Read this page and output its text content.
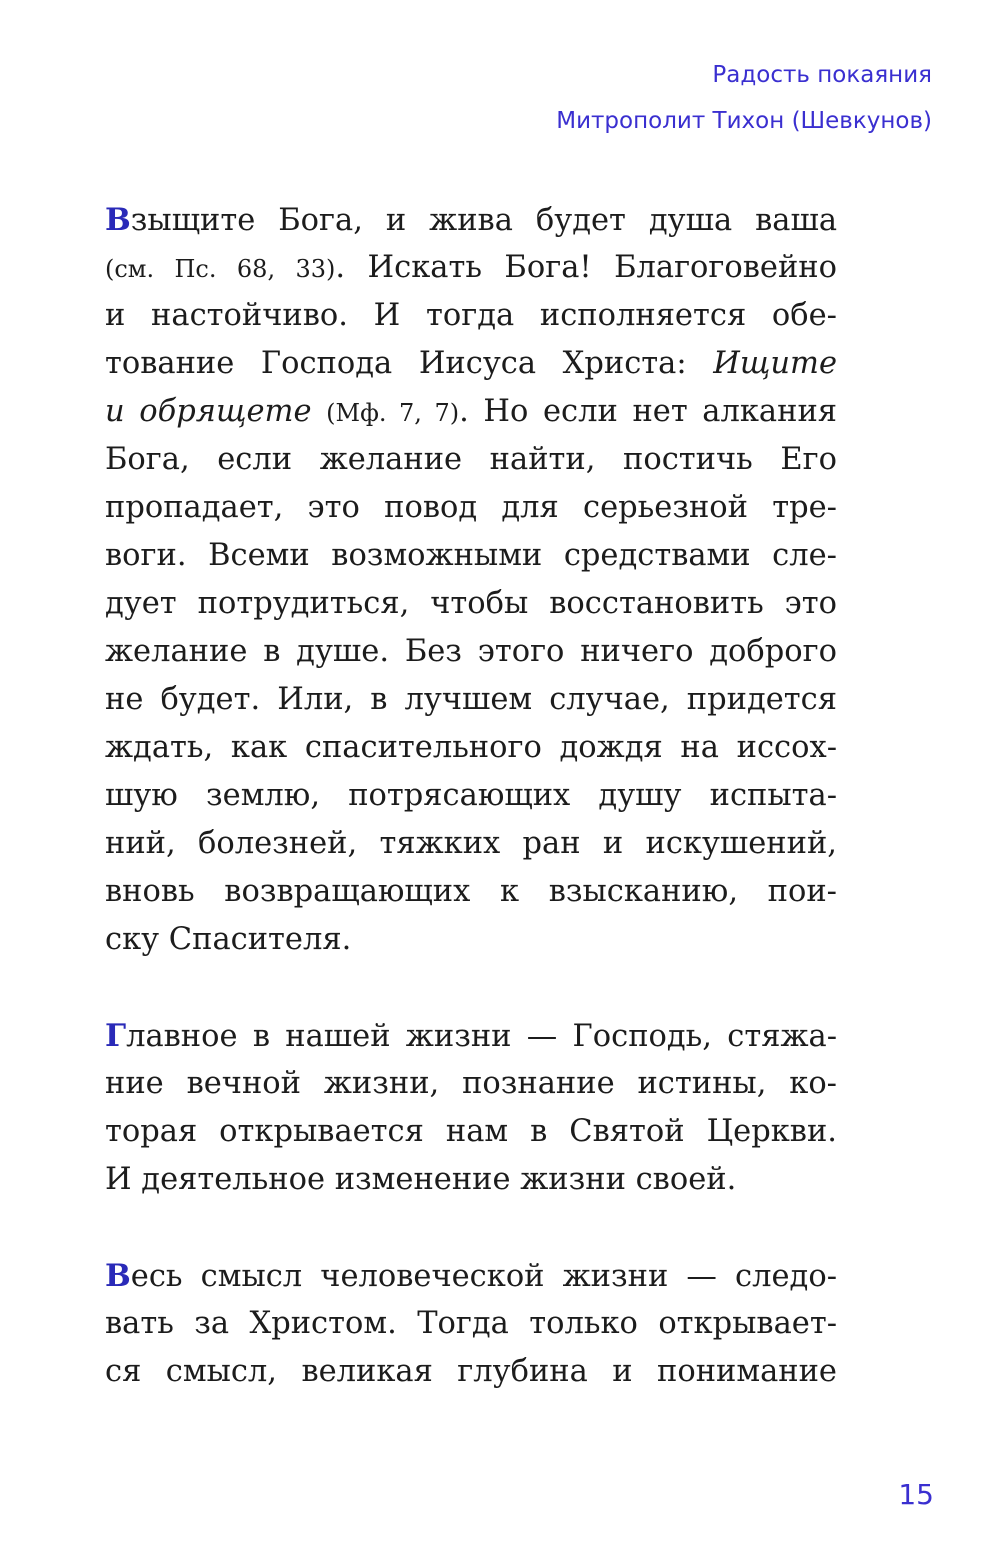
Радость покаяния
Митрополит Тихон (Шевкунов)
Взыщите Бога, и жива будет душа ваша
(см. Пс. 68, 33). Искать Бога! Благоговейно
и настойчиво. И тогда исполняется обе-
тование Господа Иисуса Христа: Ищите
и обрящете (Мф. 7, 7). Но если нет алкания
Бога, если желание найти, постичь Его
пропадает, это повод для серьезной тре-
воги. Всеми возможными средствами сле-
дует потрудиться, чтобы восстановить это
желание в душе. Без этого ничего доброго
не будет. Или, в лучшем случае, придется
ждать, как спасительного дождя на иссох-
шую землю, потрясающих душу испыта-
ний, болезней, тяжких ран и искушений,
вновь возвращающих к взысканию, пои-
ску Спасителя.
Главное в нашей жизни — Господь, стяжа-
ние вечной жизни, познание истины, ко-
торая открывается нам в Святой Церкви.
И деятельное изменение жизни своей.
Весь смысл человеческой жизни — следо-
вать за Христом. Тогда только открывает-
ся смысл, великая глубина и понимание
15
